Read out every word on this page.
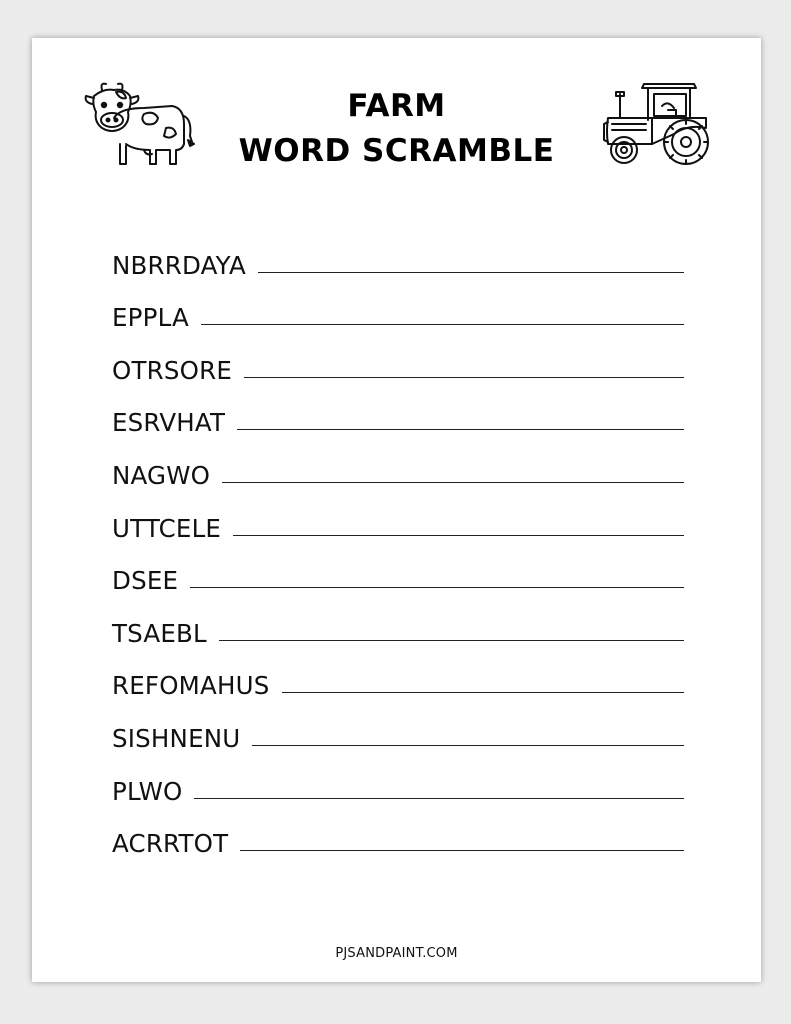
FARM
WORD SCRAMBLE
NBRRDAYA
EPPLA
OTRSORE
ESRVHAT
NAGWO
UTTCELE
DSEE
TSAEBL
REFOMAHUS
SISHNENU
PLWO
ACRRTOT
PJSANDPAINT.COM
